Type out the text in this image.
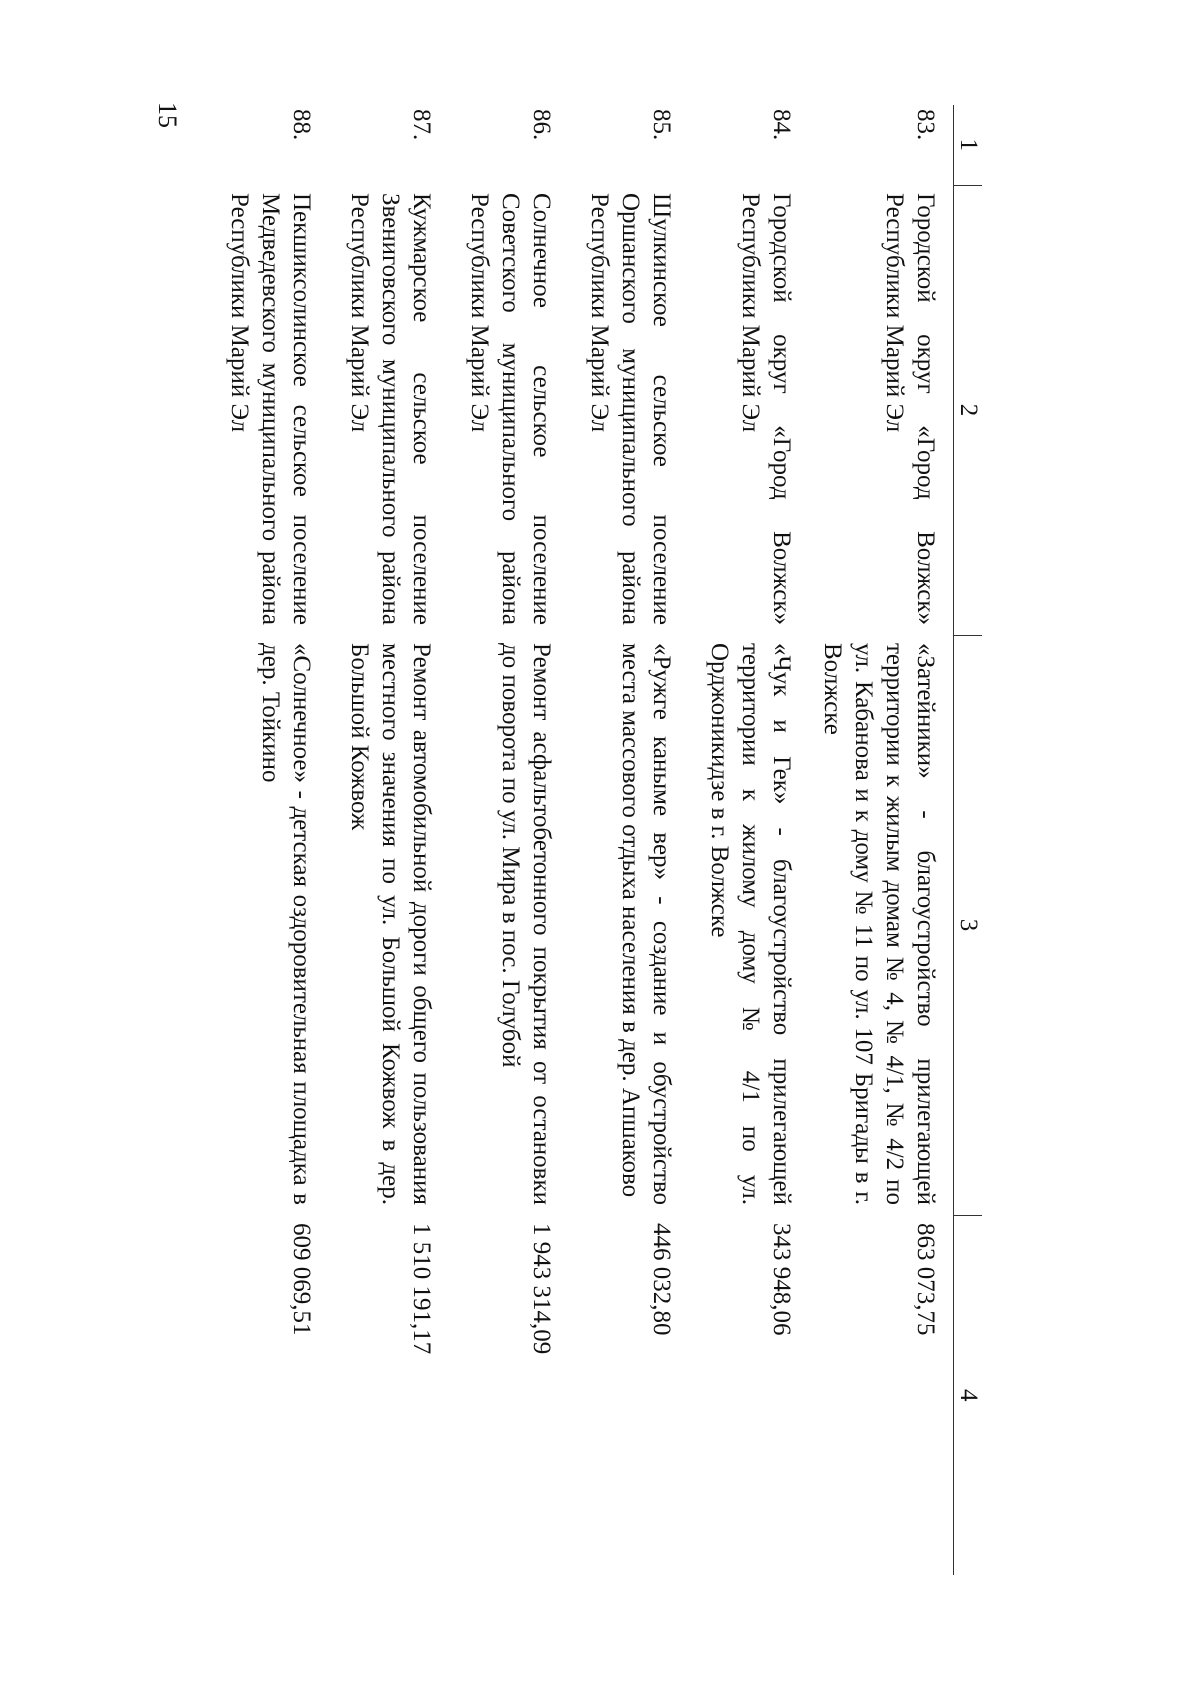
15
1	2	3	4
83.	Городской округ «Город Волжск» Республики Марий Эл	«Затейники» - благоустройство прилегающей территории к жилым домам № 4, № 4/1, № 4/2 по ул. Кабанова и к дому № 11 по ул. 107 Бригады в г. Волжске	863 073,75
84.	Городской округ «Город Волжск» Республики Марий Эл	«Чук и Гек» - благоустройство прилегающей территории к жилому дому № 4/1 по ул. Орджоникидзе в г. Волжске	343 948,06
85.	Шулкинское сельское поселение Оршанского муниципального района Республики Марий Эл	«Ружге каныме вер» - создание и обустройство места массового отдыха населения в дер. Апшаково	446 032,80
86.	Солнечное сельское поселение Советского муниципального района Республики Марий Эл	Ремонт асфальтобетонного покрытия от остановки до поворота по ул. Мира в пос. Голубой	1 943 314,09
87.	Кужмарское сельское поселение Звениговского муниципального района Республики Марий Эл	Ремонт автомобильной дороги общего пользования местного значения по ул. Большой Кожвож в дер. Большой Кожвож	1 510 191,17
88.	Пекшиксолинское сельское поселение Медведевского муниципального района Республики Марий Эл	«Солнечное» - детская оздоровительная площадка в дер. Тойкино	609 069,51
